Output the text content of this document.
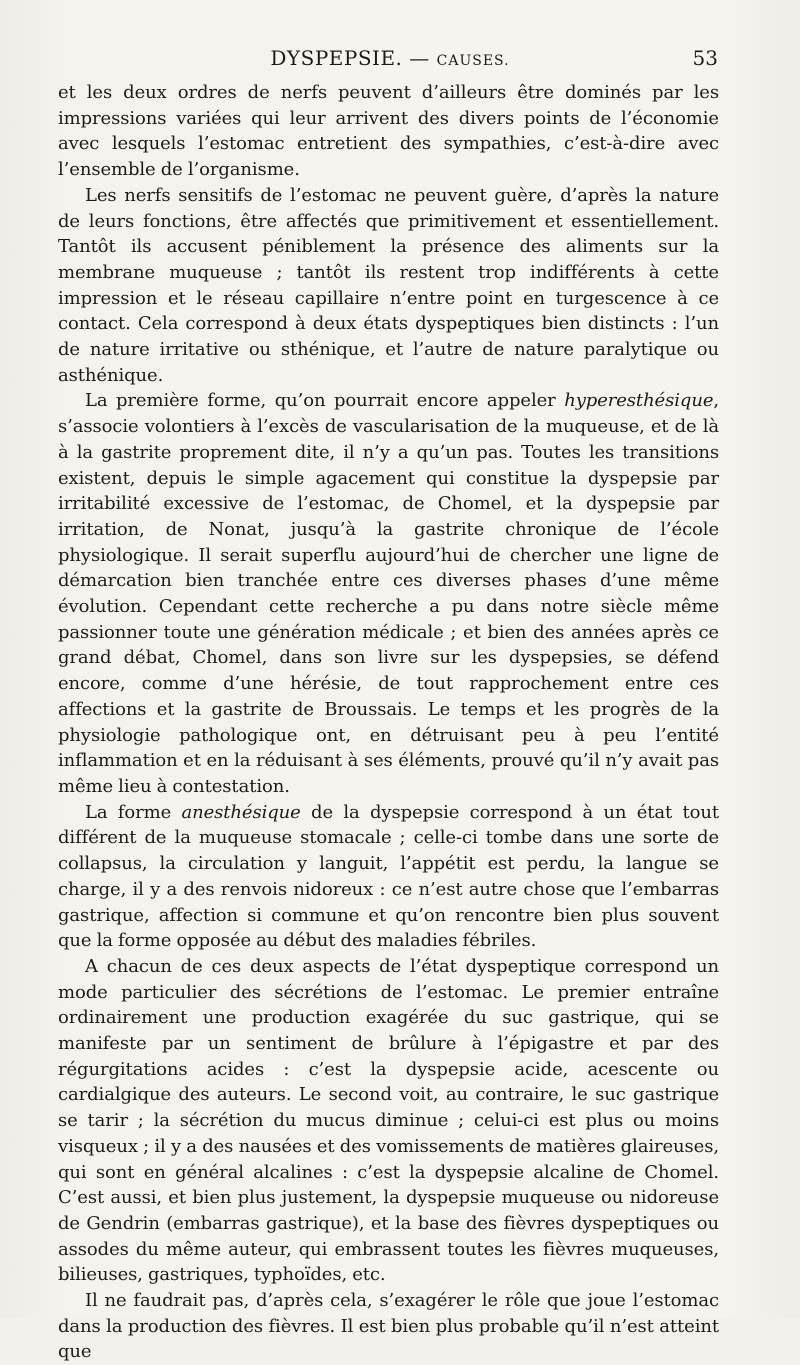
DYSPEPSIE. — CAUSES.	53

et les deux ordres de nerfs peuvent d’ailleurs être dominés par les impressions variées qui leur arrivent des divers points de l’économie avec lesquels l’estomac entretient des sympathies, c’est-à-dire avec l’ensemble de l’organisme.

Les nerfs sensitifs de l’estomac ne peuvent guère, d’après la nature de leurs fonctions, être affectés que primitivement et essentiellement. Tantôt ils accusent péniblement la présence des aliments sur la membrane muqueuse ; tantôt ils restent trop indifférents à cette impression et le réseau capillaire n’entre point en turgescence à ce contact. Cela correspond à deux états dyspeptiques bien distincts : l’un de nature irritative ou sthénique, et l’autre de nature paralytique ou asthénique.

La première forme, qu’on pourrait encore appeler hyperesthésique, s’associe volontiers à l’excès de vascularisation de la muqueuse, et de là à la gastrite proprement dite, il n’y a qu’un pas. Toutes les transitions existent, depuis le simple agacement qui constitue la dyspepsie par irritabilité excessive de l’estomac, de Chomel, et la dyspepsie par irritation, de Nonat, jusqu’à la gastrite chronique de l’école physiologique. Il serait superflu aujourd’hui de chercher une ligne de démarcation bien tranchée entre ces diverses phases d’une même évolution. Cependant cette recherche a pu dans notre siècle même passionner toute une génération médicale ; et bien des années après ce grand débat, Chomel, dans son livre sur les dyspepsies, se défend encore, comme d’une hérésie, de tout rapprochement entre ces affections et la gastrite de Broussais. Le temps et les progrès de la physiologie pathologique ont, en détruisant peu à peu l’entité inflammation et en la réduisant à ses éléments, prouvé qu’il n’y avait pas même lieu à contestation.

La forme anesthésique de la dyspepsie correspond à un état tout différent de la muqueuse stomacale ; celle-ci tombe dans une sorte de collapsus, la circulation y languit, l’appétit est perdu, la langue se charge, il y a des renvois nidoreux : ce n’est autre chose que l’embarras gastrique, affection si commune et qu’on rencontre bien plus souvent que la forme opposée au début des maladies fébriles.

A chacun de ces deux aspects de l’état dyspeptique correspond un mode particulier des sécrétions de l’estomac. Le premier entraîne ordinairement une production exagérée du suc gastrique, qui se manifeste par un sentiment de brûlure à l’épigastre et par des régurgitations acides : c’est la dyspepsie acide, acescente ou cardialgique des auteurs. Le second voit, au contraire, le suc gastrique se tarir ; la sécrétion du mucus diminue ; celui-ci est plus ou moins visqueux ; il y a des nausées et des vomissements de matières glaireuses, qui sont en général alcalines : c’est la dyspepsie alcaline de Chomel. C’est aussi, et bien plus justement, la dyspepsie muqueuse ou nidoreuse de Gendrin (embarras gastrique), et la base des fièvres dyspeptiques ou assodes du même auteur, qui embrassent toutes les fièvres muqueuses, bilieuses, gastriques, typhoïdes, etc.

Il ne faudrait pas, d’après cela, s’exagérer le rôle que joue l’estomac dans la production des fièvres. Il est bien plus probable qu’il n’est atteint que
